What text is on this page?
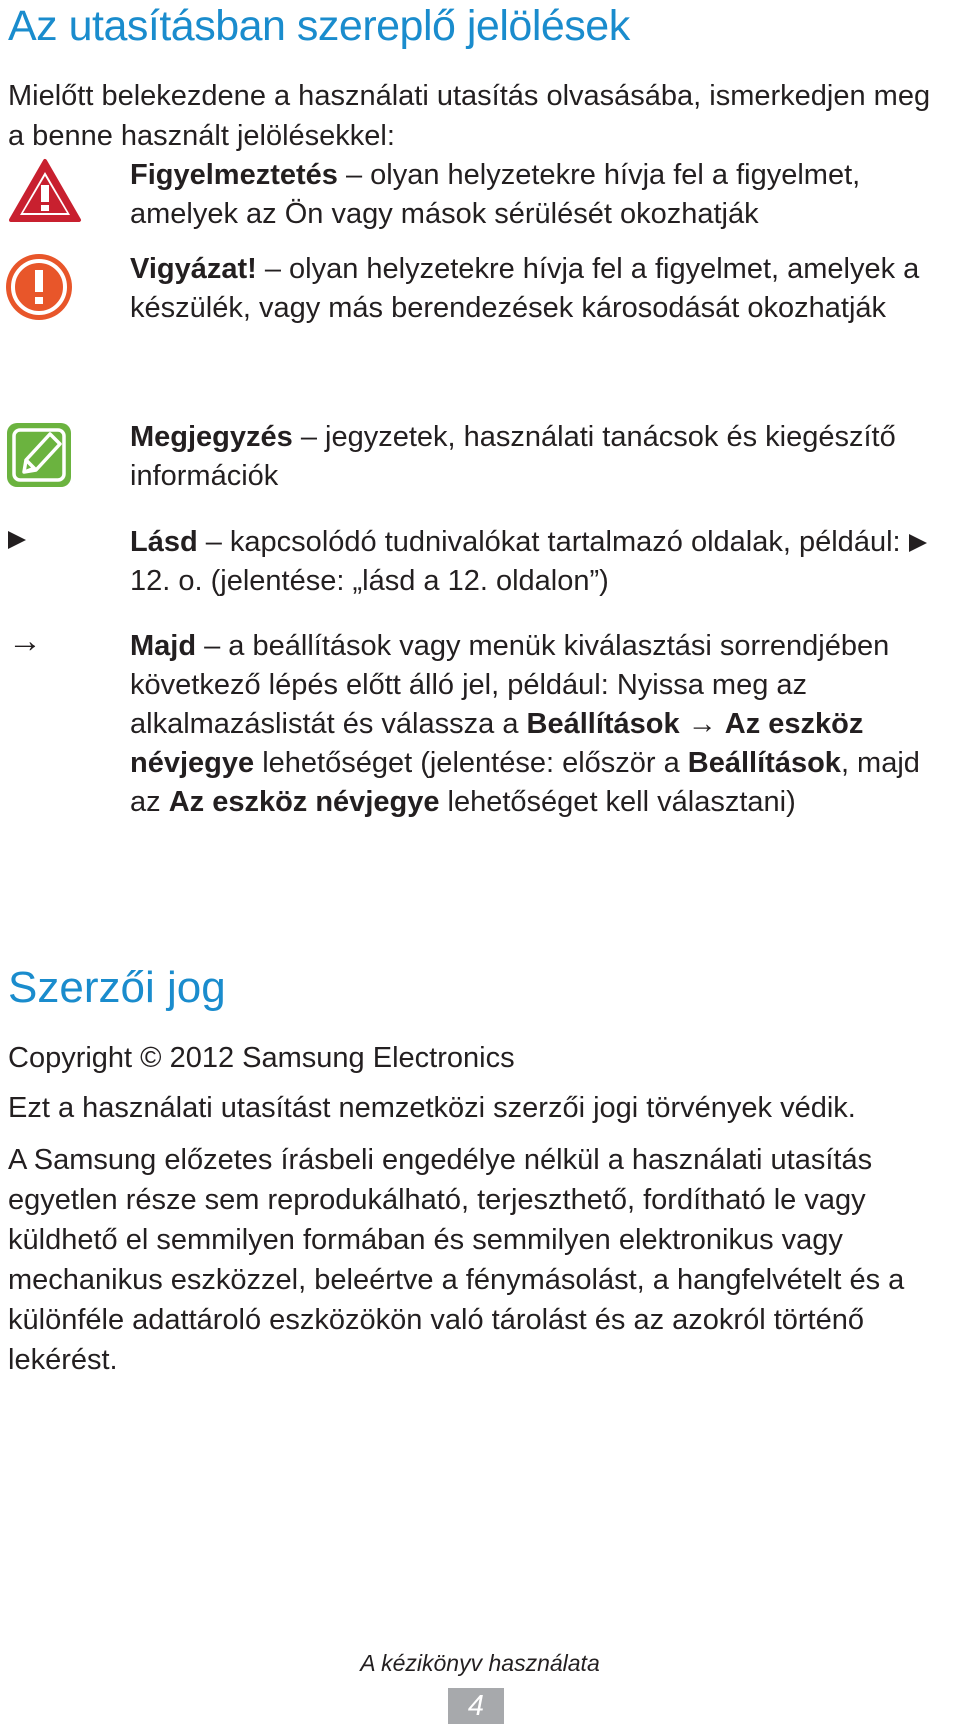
Az utasításban szereplő jelölések
Mielőtt belekezdene a használati utasítás olvasásába, ismerkedjen meg a benne használt jelölésekkel:
Figyelmeztetés – olyan helyzetekre hívja fel a figyelmet, amelyek az Ön vagy mások sérülését okozhatják
Vigyázat! – olyan helyzetekre hívja fel a figyelmet, amelyek a készülék, vagy más berendezések károsodását okozhatják
Megjegyzés – jegyzetek, használati tanácsok és kiegészítő információk
Lásd – kapcsolódó tudnivalókat tartalmazó oldalak, például:  12. o. (jelentése: „lásd a 12. oldalon”)
→	Majd – a beállítások vagy menük kiválasztási sorrendjében következő lépés előtt álló jel, például: Nyissa meg az alkalmazáslistát és válassza a Beállítások → Az eszköz névjegye lehetőséget (jelentése: először a Beállítások, majd az Az eszköz névjegye lehetőséget kell választani)
Szerzői jog
Copyright © 2012 Samsung Electronics
Ezt a használati utasítást nemzetközi szerzői jogi törvények védik.
A Samsung előzetes írásbeli engedélye nélkül a használati utasítás egyetlen része sem reprodukálható, terjeszthető, fordítható le vagy küldhető el semmilyen formában és semmilyen elektronikus vagy mechanikus eszközzel, beleértve a fénymásolást, a hangfelvételt és a különféle adattároló eszközökön való tárolást és az azokról történő lekérést.
A kézikönyv használata
4
